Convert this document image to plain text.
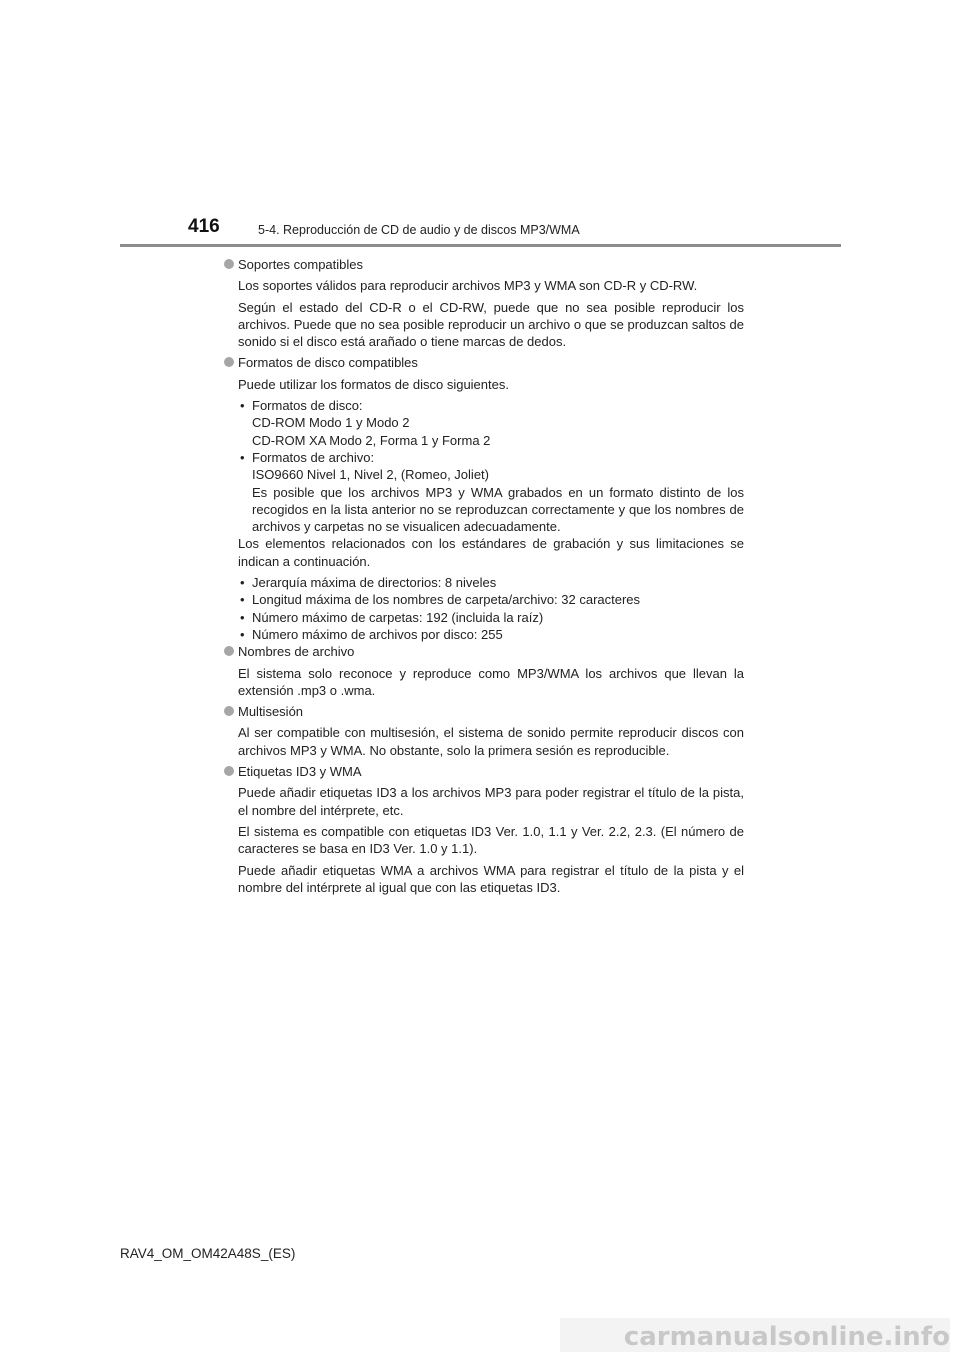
416	5-4. Reproducción de CD de audio y de discos MP3/WMA
Soportes compatibles

Los soportes válidos para reproducir archivos MP3 y WMA son CD-R y CD-RW.

Según el estado del CD-R o el CD-RW, puede que no sea posible reproducir los archivos. Puede que no sea posible reproducir un archivo o que se produzcan saltos de sonido si el disco está arañado o tiene marcas de dedos.

Formatos de disco compatibles

Puede utilizar los formatos de disco siguientes.

• Formatos de disco:
CD-ROM Modo 1 y Modo 2
CD-ROM XA Modo 2, Forma 1 y Forma 2
• Formatos de archivo:
ISO9660 Nivel 1, Nivel 2, (Romeo, Joliet)
Es posible que los archivos MP3 y WMA grabados en un formato distinto de los recogidos en la lista anterior no se reproduzcan correctamente y que los nombres de archivos y carpetas no se visualicen adecuadamente.

Los elementos relacionados con los estándares de grabación y sus limitaciones se indican a continuación.

• Jerarquía máxima de directorios: 8 niveles
• Longitud máxima de los nombres de carpeta/archivo: 32 caracteres
• Número máximo de carpetas: 192 (incluida la raíz)
• Número máximo de archivos por disco: 255
Nombres de archivo

El sistema solo reconoce y reproduce como MP3/WMA los archivos que llevan la extensión .mp3 o .wma.

Multisesión

Al ser compatible con multisesión, el sistema de sonido permite reproducir discos con archivos MP3 y WMA. No obstante, solo la primera sesión es reproducible.

Etiquetas ID3 y WMA

Puede añadir etiquetas ID3 a los archivos MP3 para poder registrar el título de la pista, el nombre del intérprete, etc.

El sistema es compatible con etiquetas ID3 Ver. 1.0, 1.1 y Ver. 2.2, 2.3. (El número de caracteres se basa en ID3 Ver. 1.0 y 1.1).

Puede añadir etiquetas WMA a archivos WMA para registrar el título de la pista y el nombre del intérprete al igual que con las etiquetas ID3.

RAV4_OM_OM42A48S_(ES)
carmanualsonline.info
